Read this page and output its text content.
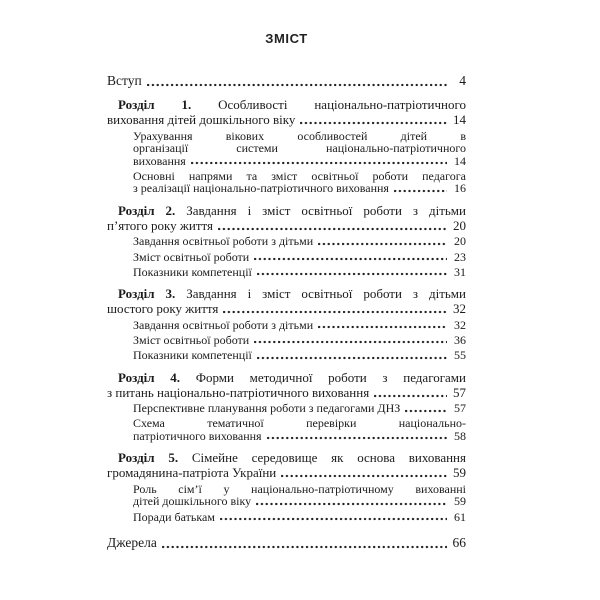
ЗМІСТ
Вступ	4
Розділ 1. Особливості національно-патріотичного
виховання дітей дошкільного віку	14
Урахування вікових особливостей дітей в
організації системи національно-патріотичного
виховання	14
Основні напрями та зміст освітньої роботи педагога
з реалізації національно-патріотичного виховання	16
Розділ 2. Завдання і зміст освітньої роботи з дітьми
п’ятого року життя	20
Завдання освітньої роботи з дітьми	20
Зміст освітньої роботи	23
Показники компетенції	31
Розділ 3. Завдання і зміст освітньої роботи з дітьми
шостого року життя	32
Завдання освітньої роботи з дітьми	32
Зміст освітньої роботи	36
Показники компетенції	55
Розділ 4. Форми методичної роботи з педагогами
з питань національно-патріотичного виховання	57
Перспективне планування роботи з педагогами ДНЗ	57
Схема тематичної перевірки національно-
патріотичного виховання	58
Розділ 5. Сімейне середовище як основа виховання
громадянина-патріота України	59
Роль сім’ї у національно-патріотичному вихованні
дітей дошкільного віку	59
Поради батькам	61
Джерела	66
